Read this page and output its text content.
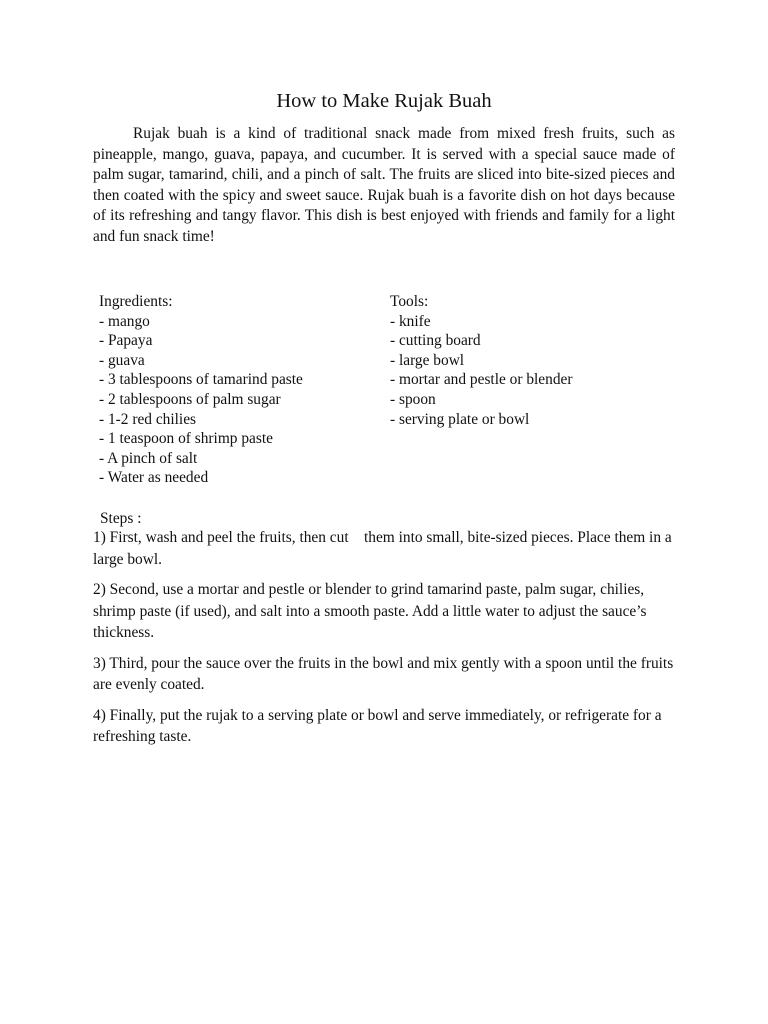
How to Make Rujak Buah

Rujak buah is a kind of traditional snack made from mixed fresh fruits, such as pineapple, mango, guava, papaya, and cucumber. It is served with a special sauce made of palm sugar, tamarind, chili, and a pinch of salt. The fruits are sliced into bite-sized pieces and then coated with the spicy and sweet sauce. Rujak buah is a favorite dish on hot days because of its refreshing and tangy flavor. This dish is best enjoyed with friends and family for a light and fun snack time!

Ingredients:
- mango
- Papaya
- guava
- 3 tablespoons of tamarind paste
- 2 tablespoons of palm sugar
- 1-2 red chilies
- 1 teaspoon of shrimp paste
- A pinch of salt
- Water as needed
Tools:
- knife
- cutting board
- large bowl
- mortar and pestle or blender
- spoon
- serving plate or bowl
Steps :
1) First, wash and peel the fruits, then cut    them into small, bite-sized pieces. Place them in a large bowl.
2) Second, use a mortar and pestle or blender to grind tamarind paste, palm sugar, chilies, shrimp paste (if used), and salt into a smooth paste. Add a little water to adjust the sauce’s thickness.
3) Third, pour the sauce over the fruits in the bowl and mix gently with a spoon until the fruits are evenly coated.
4) Finally, put the rujak to a serving plate or bowl and serve immediately, or refrigerate for a refreshing taste.
